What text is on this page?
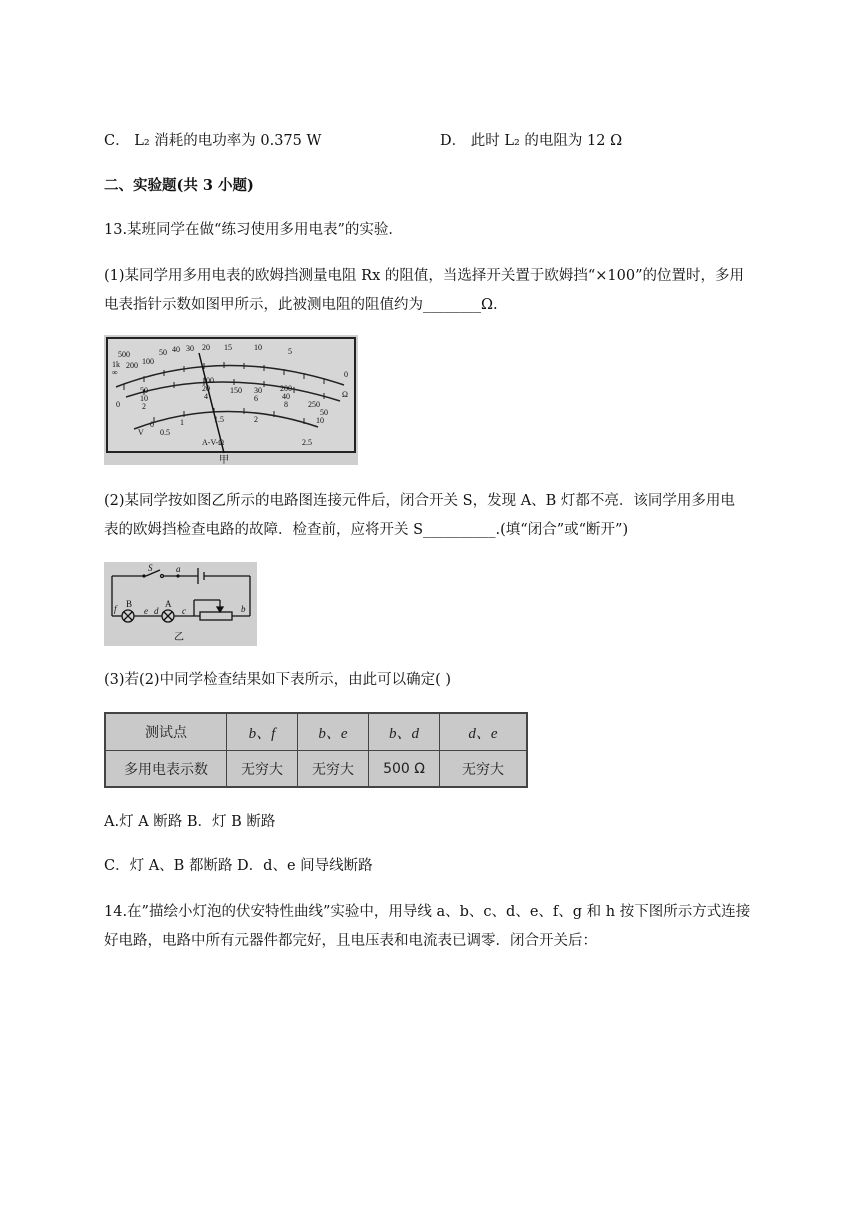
C． L₂ 消耗的电功率为 0.375 W	D． 此时 L₂ 的电阻为 12 Ω
二、实验题(共 3 小题)
13.某班同学在做“练习使用多用电表”的实验．
(1)某同学用多用电表的欧姆挡测量电阻 Rx 的阻值，当选择开关置于欧姆挡“×100”的位置时，多用
电表指针示数如图甲所示，此被测电阻的阻值约为________Ω.
500
1k
∞
200 100
50 40 30 20 15	10	5
0
Ω
50
10
2
0
100
20
4
150 30
6
200
40
8	250
50
10
0
0.5
1	1.5	2
2.5
V
A-V-Ω
甲
(2)某同学按如图乙所示的电路图连接元件后，闭合开关 S，发现 A、B 灯都不亮．该同学用多用电
表的欧姆挡检查电路的故障．检查前，应将开关 S__________.(填“闭合”或“断开”)
S	a
f B
e d
A
c	b
乙
(3)若(2)中同学检查结果如下表所示，由此可以确定( )
测试点	b、f	b、e	b、d	d、e
多用电表示数	无穷大	无穷大	500 Ω	无穷大
A.灯 A 断路 B．灯 B 断路
C．灯 A、B 都断路 D．d、e 间导线断路
14.在”描绘小灯泡的伏安特性曲线”实验中，用导线 a、b、c、d、e、f、g 和 h 按下图所示方式连接
好电路，电路中所有元器件都完好，且电压表和电流表已调零．闭合开关后：
